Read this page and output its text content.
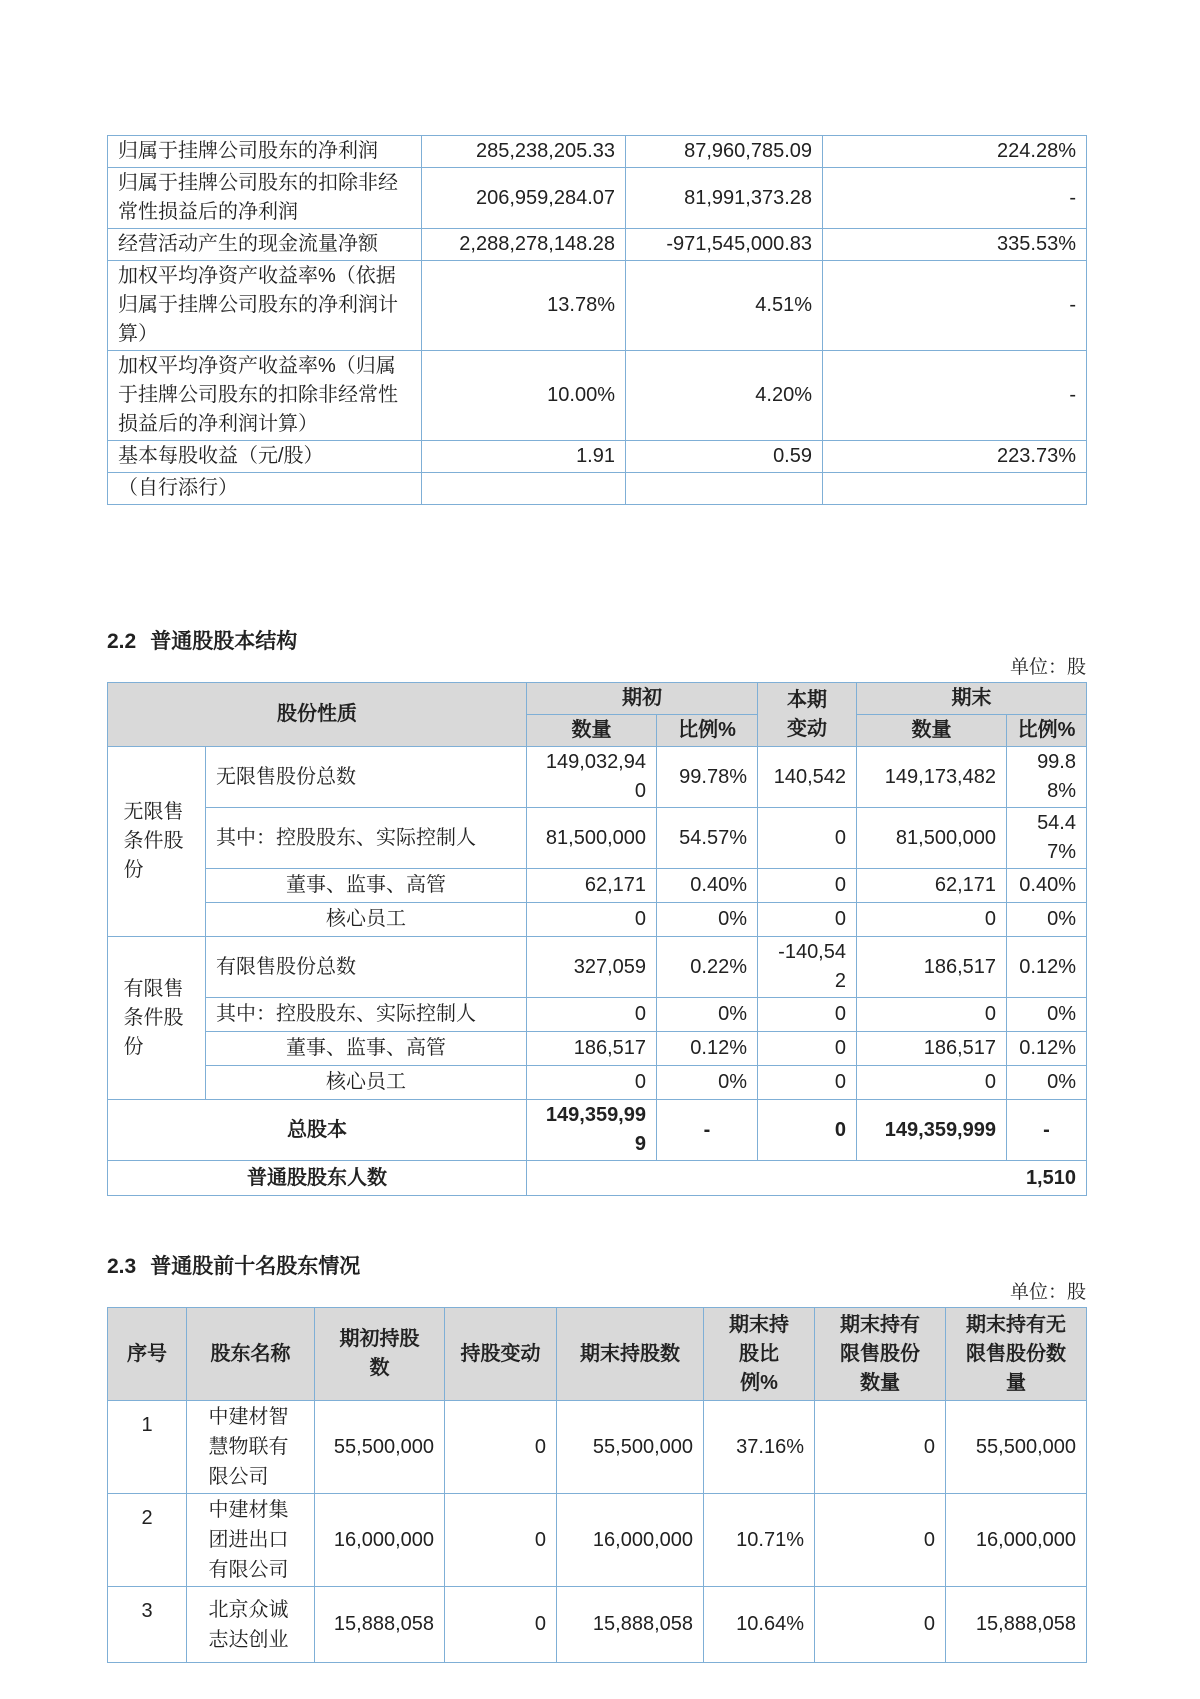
归属于挂牌公司股东的净利润	285,238,205.33	87,960,785.09	224.28%
归属于挂牌公司股东的扣除非经常性损益后的净利润	206,959,284.07	81,991,373.28	-
经营活动产生的现金流量净额	2,288,278,148.28	-971,545,000.83	335.53%
加权平均净资产收益率%（依据归属于挂牌公司股东的净利润计算）	13.78%	4.51%	-
加权平均净资产收益率%（归属于挂牌公司股东的扣除非经常性损益后的净利润计算）	10.00%	4.20%	-
基本每股收益（元/股）	1.91	0.59	223.73%
（自行添行）			
2.2 普通股股本结构
单位：股
股份性质		期初		本期变动	期末	
		数量	比例%		数量	比例%

无限售条件股份	无限售股份总数	149,032,940	99.78%	140,542	149,173,482	99.88%
	其中：控股股东、实际控制人	81,500,000	54.57%	0	81,500,000	54.47%
	董事、监事、高管	62,171	0.40%	0	62,171	0.40%
	核心员工	0	0%	0	0	0%

有限售条件股份	有限售股份总数	327,059	0.22%	-140,542	186,517	0.12%
	其中：控股股东、实际控制人	0	0%	0	0	0%
	董事、监事、高管	186,517	0.12%	0	186,517	0.12%
	核心员工	0	0%	0	0	0%
总股本		149,359,999	-	0	149,359,999	-
普通股股东人数		1,510				
2.3 普通股前十名股东情况
单位：股
序号	股东名称	期初持股数	持股变动	期末持股数	期末持股比例%	期末持有限售股份数量	期末持有无限售股份数量

1	中建材智慧物联有限公司	55,500,000	0	55,500,000	37.16%	0	55,500,000
2	中建材集团进出口有限公司	16,000,000	0	16,000,000	10.71%	0	16,000,000
3	北京众诚志达创业	15,888,058	0	15,888,058	10.64%	0	15,888,058
